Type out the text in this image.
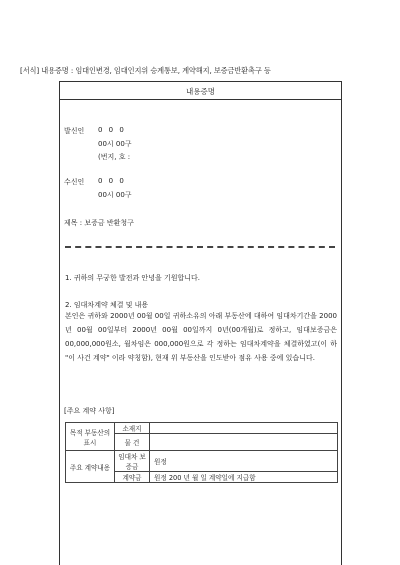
[서식] 내용증명 : 임대인변경, 임대인지위 승계통보, 계약해지, 보증금반환촉구 등
내용증명
발신인 0 0 0
00시 00구
(번지, 호 :
수신인 0 0 0
00시 00구
제목 : 보증금 반환청구
1. 귀하의 무궁한 발전과 안녕을 기원합니다.
2. 임대차계약 체결 및 내용
본인은 귀하와 2000년 00월 00일 귀하소유의 아래 부동산에 대하여 임대차기간을 2000년 00월 00일부터 2000년 00월 00일까지 0년(00개월)로 정하고, 임대보증금은 00,000,000원소, 월차임은 000,000원으로 각 정하는 임대차계약을 체결하였고(이 하 "이 사건 계약" 이라 약칭함), 현재 위 부동산을 인도받아 점유 사용 중에 있습니다.
[주요 계약 사항]
목적 부동산의 표시	소재지	
	물 건	
주요 계약내용	임대차 보증금	원정
	계약금	원정 200 년 월 일 계약일에 지급함
